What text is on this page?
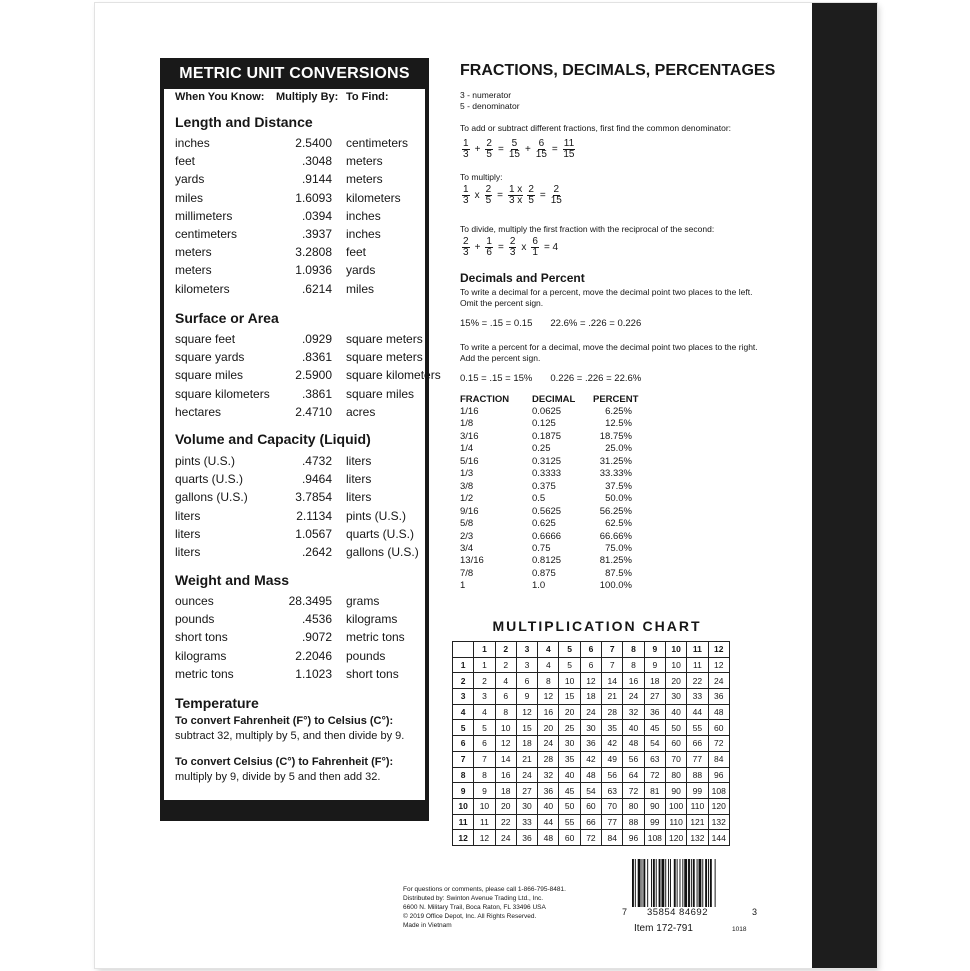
METRIC UNIT CONVERSIONS
When You Know: Multiply By: To Find:
Length and Distance
inches	2.5400 centimeters
feet	.3048 meters
yards	.9144 meters
miles	1.6093 kilometers
millimeters	.0394 inches
centimeters	.3937 inches
meters	3.2808 feet
meters	1.0936 yards
kilometers	.6214 miles
Surface or Area
square feet	.0929 square meters
square yards	.8361 square meters
square miles	2.5900 square kilometers
square kilometers	.3861 square miles
hectares	2.4710 acres
Volume and Capacity (Liquid)
pints (U.S.)	.4732 liters
quarts (U.S.)	.9464 liters
gallons (U.S.)	3.7854 liters
liters	2.1134 pints (U.S.)
liters	1.0567 quarts (U.S.)
liters	.2642 gallons (U.S.)
Weight and Mass
ounces	28.3495 grams
pounds	.4536 kilograms
short tons	.9072 metric tons
kilograms	2.2046 pounds
metric tons	1.1023 short tons
Temperature
To convert Fahrenheit (F°) to Celsius (C°):
subtract 32, multiply by 5, and then divide by 9.
To convert Celsius (C°) to Fahrenheit (F°):
multiply by 9, divide by 5 and then add 32.
FRACTIONS, DECIMALS, PERCENTAGES
3 - numerator
5 - denominator
To add or subtract different fractions, first find the common denominator:
$\frac{1}{3} + \frac{2}{5} = \frac{5}{15} + \frac{6}{15} = \frac{11}{15}$
To multiply:
$\frac{1}{3}$ x $\frac{2}{5} = \frac{1 x}{3 x} \frac{2}{5} = \frac{2}{15}$
To divide, multiply the first fraction with the reciprocal of the second:
$\frac{2}{3} + \frac{1}{6} = \frac{2}{3}$ x $\frac{6}{1} = 4$
Decimals and Percent
To write a decimal for a percent, move the decimal point two places to the left.
Omit the percent sign.
15% = .15 = 0.15 22.6% = .226 = 0.226
To write a percent for a decimal, move the decimal point two places to the right.
Add the percent sign.
0.15 = .15 = 15% 0.226 = .226 = 22.6%
FRACTION DECIMAL PERCENT
1/16	0.0625	6.25%
1/8	0.125	12.5%
3/16	0.1875	18.75%
1/4	0.25	25.0%
5/16	0.3125	31.25%
1/3	0.3333	33.33%
3/8	0.375	37.5%
1/2	0.5	50.0%
9/16	0.5625	56.25%
5/8	0.625	62.5%
2/3	0.6666	66.66%
3/4	0.75	75.0%
13/16	0.8125	81.25%
7/8	0.875	87.5%
1	1.0	100.0%
MULTIPLICATION CHART
	1	2	3	4	5	6	7	8	9	10	11	12
1	1	2	3	4	5	6	7	8	9	10	11	12
2	2	4	6	8	10	12	14	16	18	20	22	24
3	3	6	9	12	15	18	21	24	27	30	33	36
4	4	8	12	16	20	24	28	32	36	40	44	48
5	5	10	15	20	25	30	35	40	45	50	55	60
6	6	12	18	24	30	36	42	48	54	60	66	72
7	7	14	21	28	35	42	49	56	63	70	77	84
8	8	16	24	32	40	48	56	64	72	80	88	96
9	9	18	27	36	45	54	63	72	81	90	99	108
10	10	20	30	40	50	60	70	80	90	100	110	120
11	11	22	33	44	55	66	77	88	99	110	121	132
12	12	24	36	48	60	72	84	96	108	120	132	144
For questions or comments, please call 1-866-795-8481.
Distributed by: Swinton Avenue Trading Ltd., Inc.
6600 N. Military Trail, Boca Raton, FL 33496 USA
© 2019 Office Depot, Inc. All Rights Reserved.
Made in Vietnam
7 35854 84692	3
Item 172-791	1018
